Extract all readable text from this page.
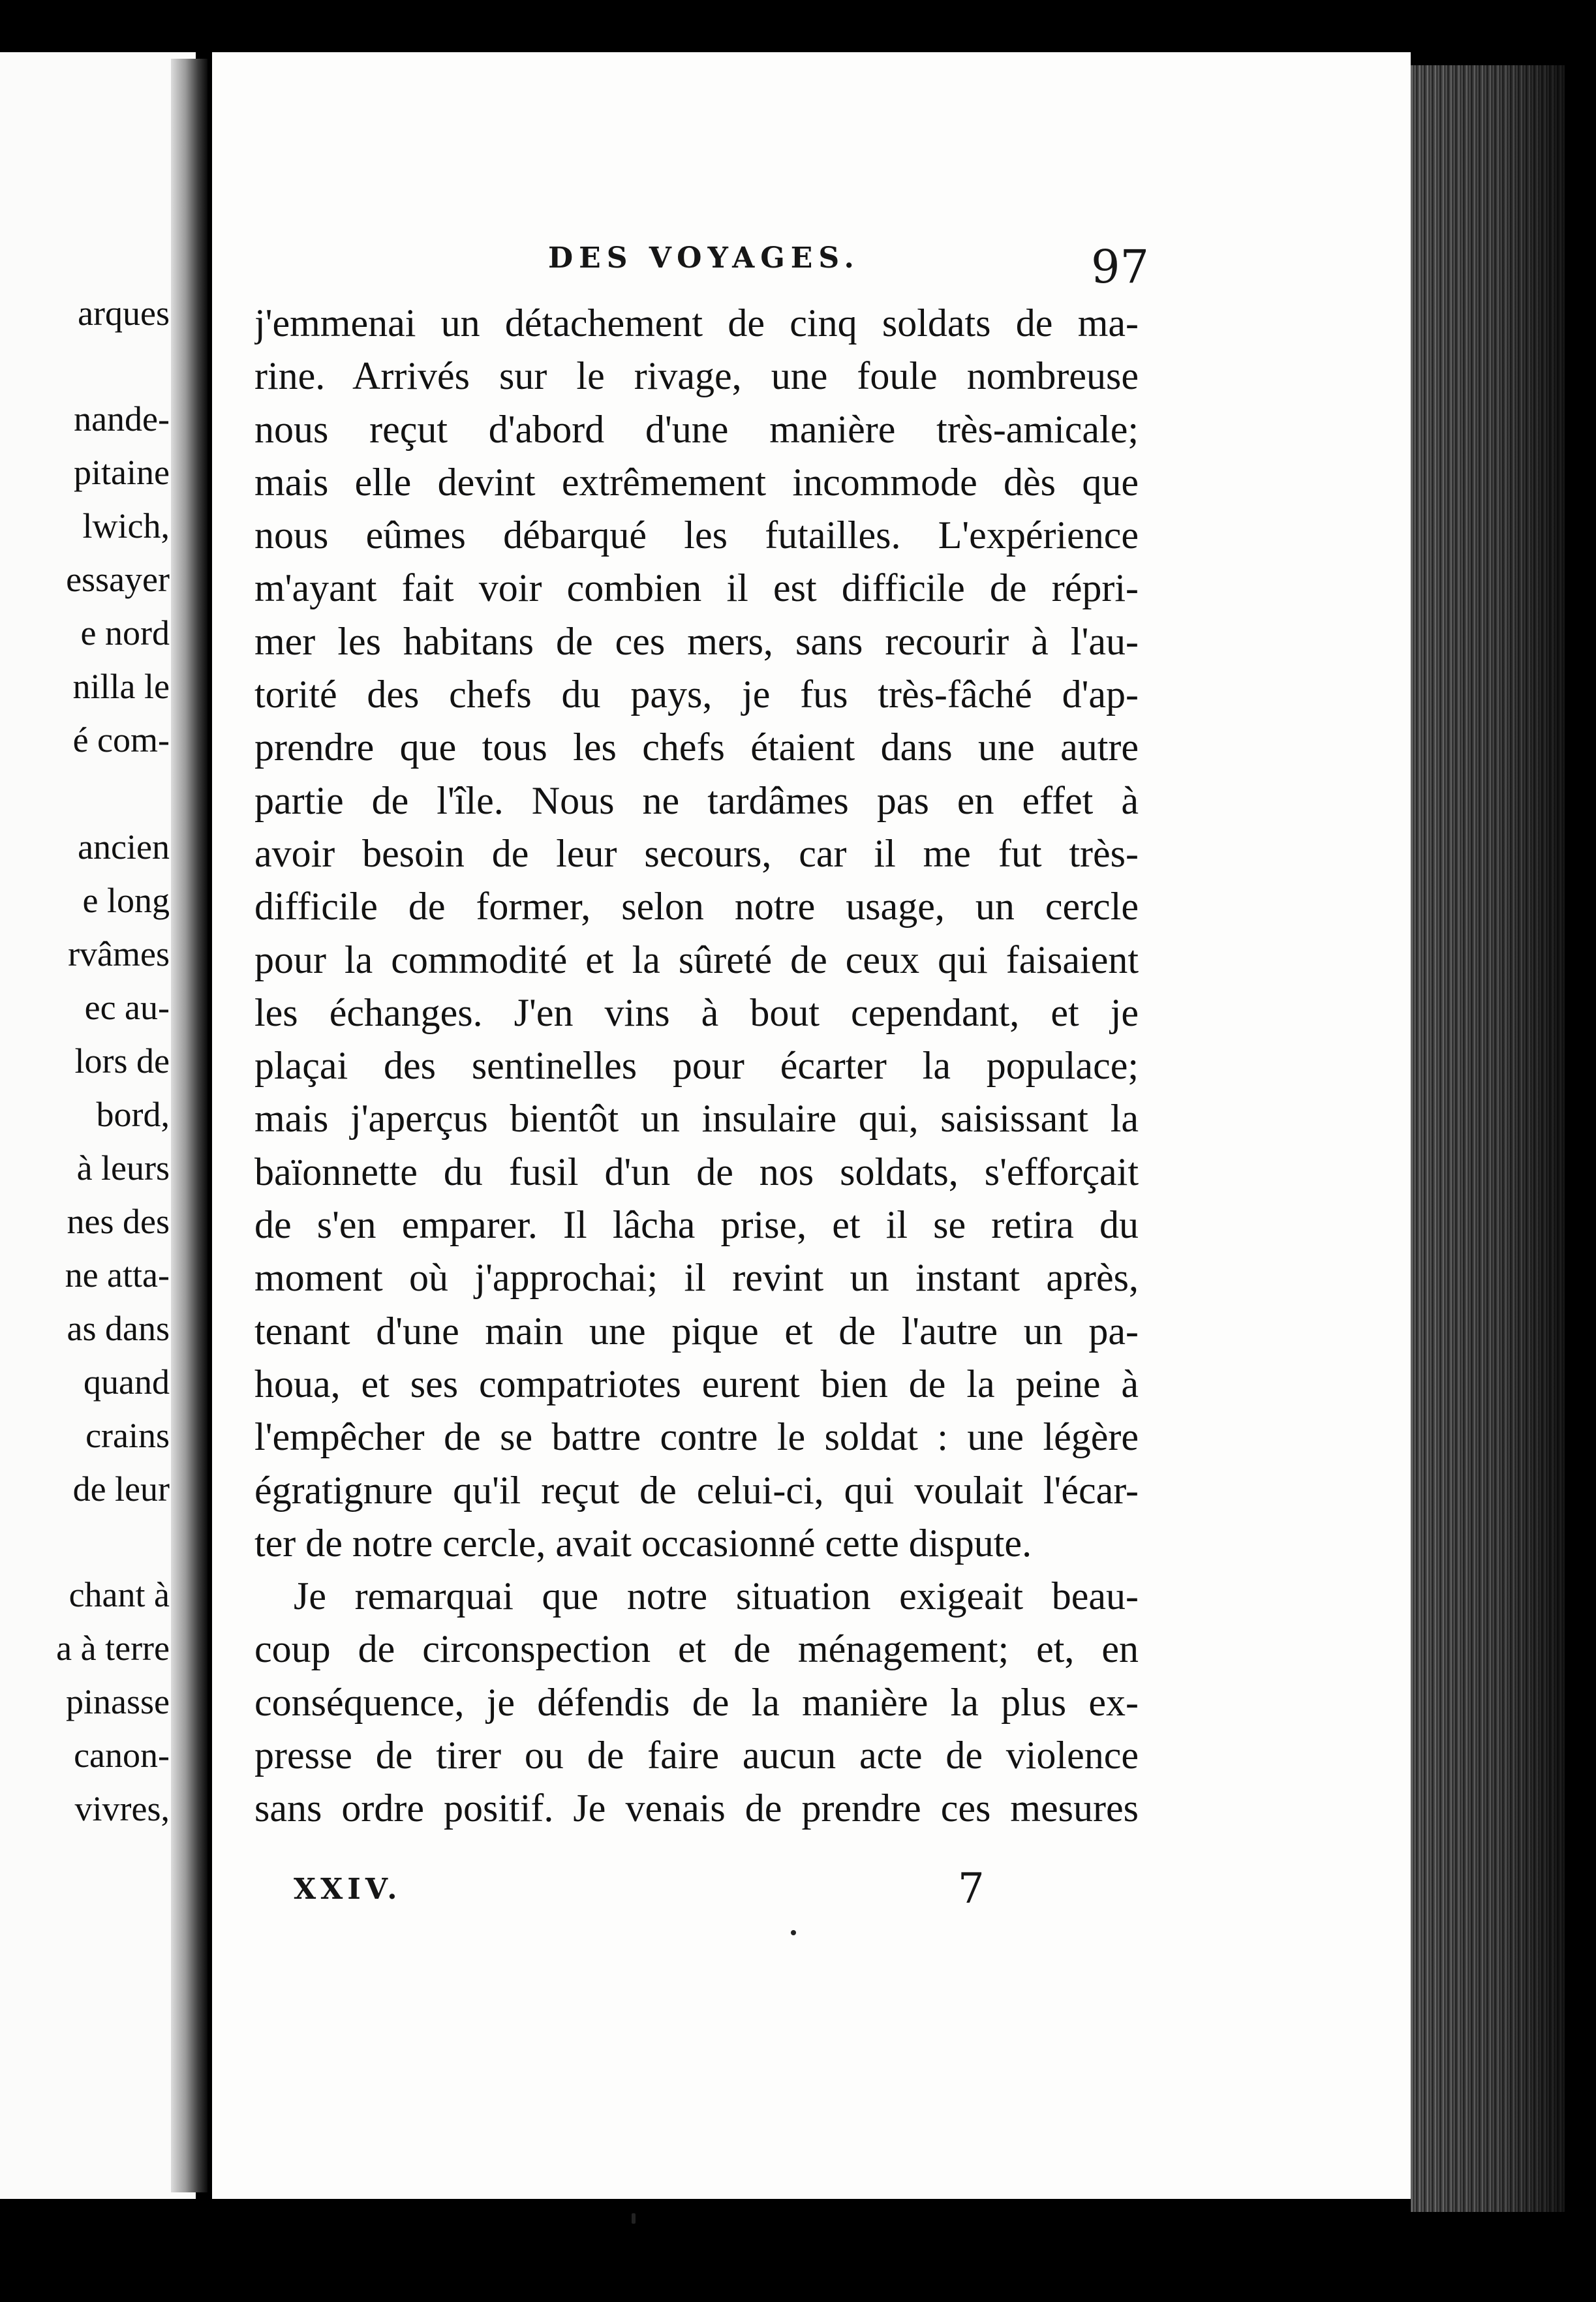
arques
nande-
pitaine
lwich,
essayer
e nord
nilla le
é com-
ancien
e long
rvâmes
ec au-
lors de
bord,
à leurs
nes des
ne atta-
as dans
quand
crains
de leur
chant à
a à terre
pinasse
canon-
vivres,
DES VOYAGES.	97
j'emmenai un détachement de cinq soldats de ma-
rine. Arrivés sur le rivage, une foule nombreuse
nous reçut d'abord d'une manière très-amicale;
mais elle devint extrêmement incommode dès que
nous eûmes débarqué les futailles. L'expérience
m'ayant fait voir combien il est difficile de répri-
mer les habitans de ces mers, sans recourir à l'au-
torité des chefs du pays, je fus très-fâché d'ap-
prendre que tous les chefs étaient dans une autre
partie de l'île. Nous ne tardâmes pas en effet à
avoir besoin de leur secours, car il me fut très-
difficile de former, selon notre usage, un cercle
pour la commodité et la sûreté de ceux qui faisaient
les échanges. J'en vins à bout cependant, et je
plaçai des sentinelles pour écarter la populace;
mais j'aperçus bientôt un insulaire qui, saisissant la
baïonnette du fusil d'un de nos soldats, s'efforçait
de s'en emparer. Il lâcha prise, et il se retira du
moment où j'approchai; il revint un instant après,
tenant d'une main une pique et de l'autre un pa-
houa, et ses compatriotes eurent bien de la peine à
l'empêcher de se battre contre le soldat : une légère
égratignure qu'il reçut de celui-ci, qui voulait l'écar-
ter de notre cercle, avait occasionné cette dispute.
Je remarquai que notre situation exigeait beau-
coup de circonspection et de ménagement; et, en
conséquence, je défendis de la manière la plus ex-
presse de tirer ou de faire aucun acte de violence
sans ordre positif. Je venais de prendre ces mesures
XXIV.	7
